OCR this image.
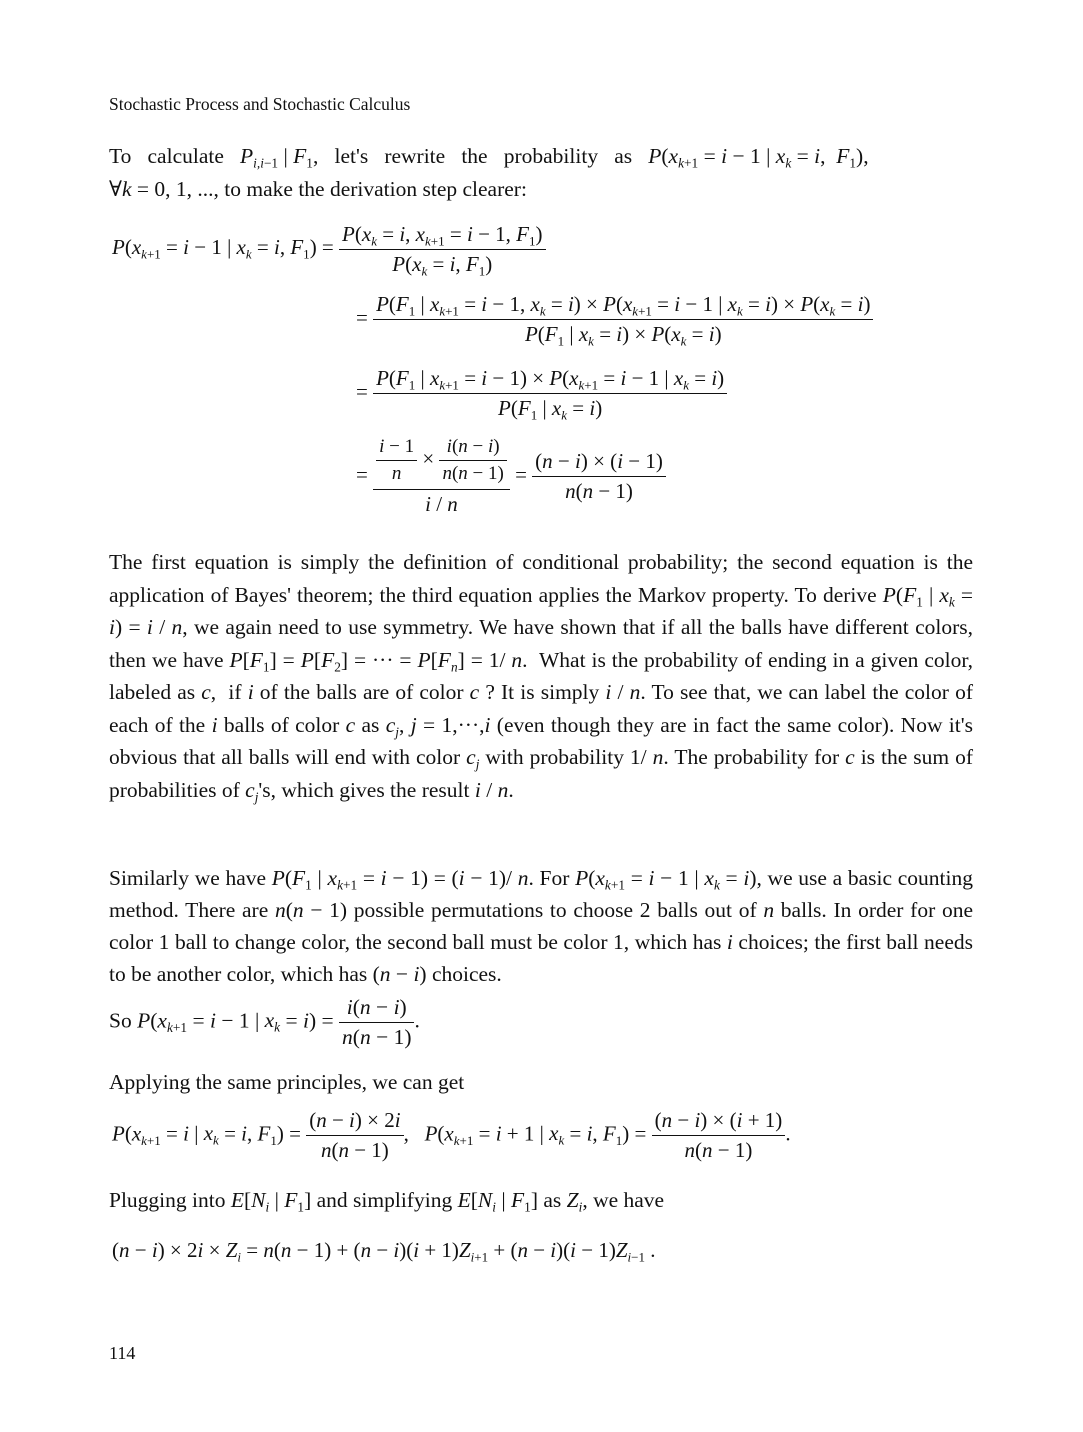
Stochastic Process and Stochastic Calculus
To   calculate   $P_{i,i-1}$ | $F_1$,   let's   rewrite   the   probability   as   $P(x_{k+1} = i - 1$ | $x_k = i$,  $F_1$),
∀k = 0, 1, ..., to make the derivation step clearer:
$P(x_{k+1} = i - 1$ | $x_k = i$, $F_1) = \frac{P(x_k = i, x_{k+1} = i - 1, F_1)}{P(x_k = i, F_1)}$
=
$P(F_1$ | $x_{k+1} = i - 1$, $x_k = i) \times P(x_{k+1} = i - 1$ | $x_k = i) \times P(x_k = i)$
$P(F_1$ | $x_k = i) \times P(x_k = i)$
= $\frac{P(F_1 | x_{k+1} = i - 1) \times P(x_{k+1} = i - 1 | x_k = i)}{P(F_1 | x_k = i)}$
= $\frac{i - 1}{n} \times \frac{i(n - i)}{n(n - 1)}$
i / n
= $\frac{(n - i) \times (i - 1)}{n(n - 1)}$
The first equation is simply the definition of conditional probability; the second equation is the application of Bayes' theorem; the third equation applies the Markov property. To derive $P(F_1$ | $x_k = i) = i / n$, we again need to use symmetry. We have shown that if all the balls have different colors, then we have $P[F_1] = P[F_2]$ = ··· = $P[F_n] = 1/$ n.  What is the probability of ending in a given color, labeled as c,  if i of the balls are of color c ? It is simply i / n. To see that, we can label the color of each of the i balls of color c as $c_j$, j = 1,···,i (even though they are in fact the same color). Now it's obvious that all balls will end with color $c_j$ with probability 1/ n. The probability for c is the sum of probabilities of $c_j's$, which gives the result i / n.
Similarly we have $P(F_1$ | $x_{k+1} = i - 1) = (i - 1)/$ n. For $P(x_{k+1} = i - 1$ | $x_k = i$), we use a basic counting method. There are n(n − 1) possible permutations to choose 2 balls out of n balls. In order for one color 1 ball to change color, the second ball must be color 1, which has i choices; the first ball needs to be another color, which has (n − i) choices.
So $P(x_{k+1} = i - 1$ | $x_k = i) = \frac{i(n - i)}{n(n - 1)}$ .
Applying the same principles, we can get
$P(x_{k+1} = i$ | $x_k = i$, $F_1) = \frac{(n - i) \times 2i}{n(n - 1)}$ ,   $P(x_{k+1} = i + 1$ | $x_k = i$, $F_1) = \frac{(n - i) \times (i + 1)}{n(n - 1)}$ .
Plugging into $E[N_i$ | $F_1$] and simplifying $E[N_i$ | $F_1$] as $Z_i$, we have
$(n - i) \times 2i \times Z_i = n(n - 1) + (n - i)(i + 1)Z_{i+1} + (n - i)(i - 1)Z_{i-1}$ .
114
